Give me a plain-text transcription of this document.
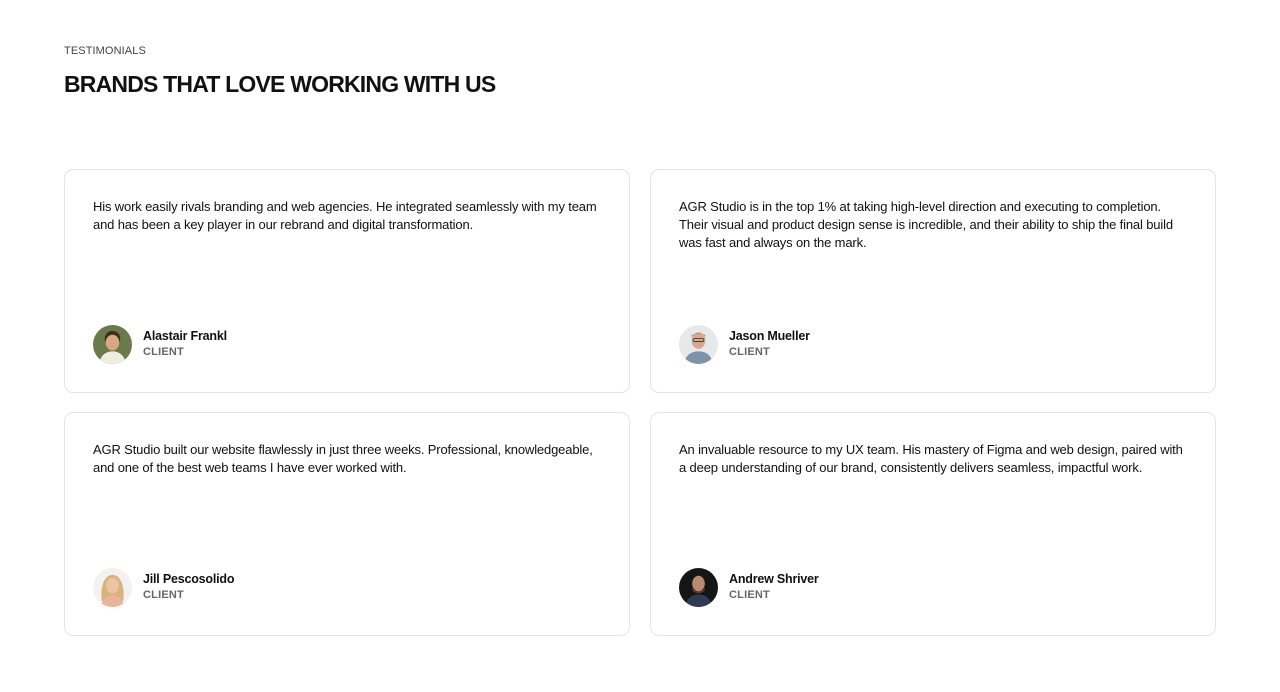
TESTIMONIALS
BRANDS THAT LOVE WORKING WITH US

His work easily rivals branding and web agencies. He integrated seamlessly with my team and has been a key player in our rebrand and digital transformation.

Alastair Frankl
CLIENT

AGR Studio is in the top 1% at taking high-level direction and executing to completion. Their visual and product design sense is incredible, and their ability to ship the final build was fast and always on the mark.

Jason Mueller
CLIENT

AGR Studio built our website flawlessly in just three weeks. Professional, knowledgeable, and one of the best web teams I have ever worked with.

Jill Pescosolido
CLIENT

An invaluable resource to my UX team. His mastery of Figma and web design, paired with a deep understanding of our brand, consistently delivers seamless, impactful work.

Andrew Shriver
CLIENT
